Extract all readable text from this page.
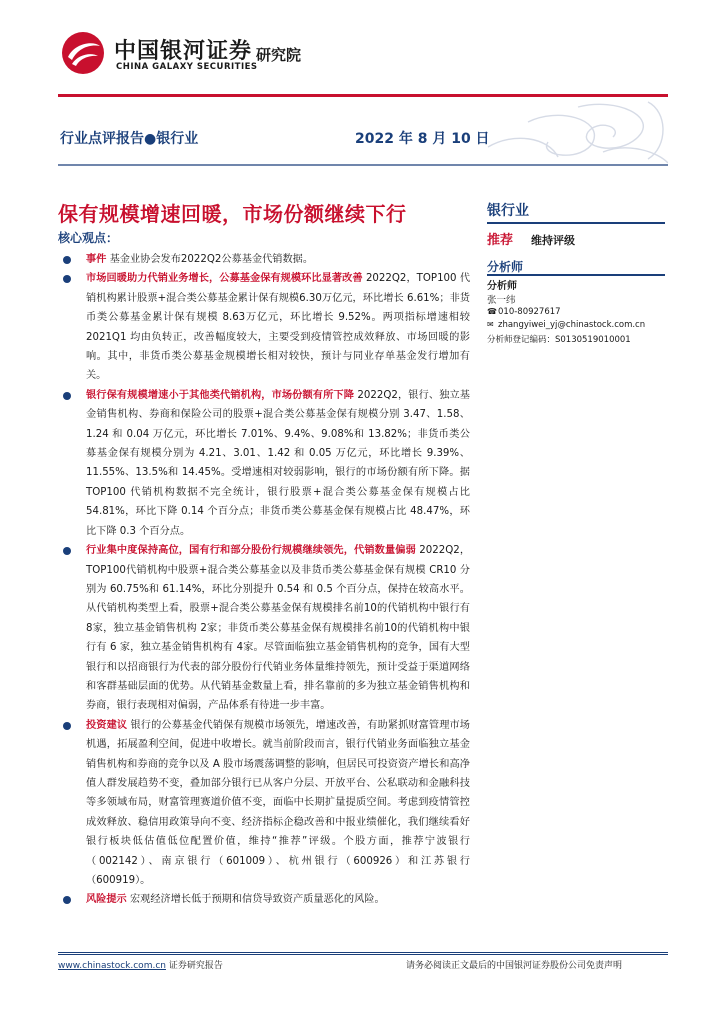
中国银河证券
CHINA GALAXY SECURITIES
研究院
行业点评报告●银行业	2022 年 8 月 10 日
保有规模增速回暖，市场份额继续下行
核心观点：
银行业
推荐 维持评级
分析师
分析师
张一纬
☎010-80927617
✉ zhangyiwei_yj@chinastock.com.cn
分析师登记编码：S0130519010001
事件 基金业协会发布2022Q2公募基金代销数据。
市场回暖助力代销业务增长，公募基金保有规模环比显著改善 2022Q2，TOP100 代销机构累计股票+混合类公募基金累计保有规模6.30万亿元，环比增长 6.61%；非货币类公募基金累计保有规模 8.63万亿元，环比增长 9.52%。两项指标增速相较 2021Q1 均由负转正，改善幅度较大，主要受到疫情管控成效释放、市场回暖的影响。其中，非货币类公募基金规模增长相对较快，预计与同业存单基金发行增加有关。
银行保有规模增速小于其他类代销机构，市场份额有所下降 2022Q2，银行、独立基金销售机构、券商和保险公司的股票+混合类公募基金保有规模分别 3.47、1.58、1.24 和 0.04 万亿元，环比增长 7.01%、9.4%、9.08%和 13.82%；非货币类公募基金保有规模分别为 4.21、3.01、1.42 和 0.05 万亿元，环比增长 9.39%、11.55%、13.5%和 14.45%。受增速相对较弱影响，银行的市场份额有所下降。据 TOP100 代销机构数据不完全统计，银行股票+混合类公募基金保有规模占比54.81%，环比下降 0.14 个百分点；非货币类公募基金保有规模占比 48.47%，环比下降 0.3 个百分点。
行业集中度保持高位，国有行和部分股份行规模继续领先，代销数量偏弱 2022Q2，TOP100代销机构中股票+混合类公募基金以及非货币类公募基金保有规模 CR10 分别为 60.75%和 61.14%，环比分别提升 0.54 和 0.5 个百分点，保持在较高水平。从代销机构类型上看，股票+混合类公募基金保有规模排名前10的代销机构中银行有8家，独立基金销售机构 2家；非货币类公募基金保有规模排名前10的代销机构中银行有 6 家，独立基金销售机构有 4家。尽管面临独立基金销售机构的竞争，国有大型银行和以招商银行为代表的部分股份行代销业务体量维持领先，预计受益于渠道网络和客群基础层面的优势。从代销基金数量上看，排名靠前的多为独立基金销售机构和券商，银行表现相对偏弱，产品体系有待进一步丰富。
投资建议 银行的公募基金代销保有规模市场领先，增速改善，有助紧抓财富管理市场机遇，拓展盈利空间，促进中收增长。就当前阶段而言，银行代销业务面临独立基金销售机构和券商的竞争以及 A 股市场震荡调整的影响，但居民可投资资产增长和高净值人群发展趋势不变，叠加部分银行已从客户分层、开放平台、公私联动和金融科技等多领域布局，财富管理赛道价值不变，面临中长期扩量提质空间。考虑到疫情管控成效释放、稳信用政策导向不变、经济指标企稳改善和中报业绩催化，我们继续看好银行板块低估值低位配置价值，维持“推荐”评级。个股方面，推荐宁波银行（002142）、南京银行（601009）、杭州银行（600926）和江苏银行（600919）。
风险提示 宏观经济增长低于预期和信贷导致资产质量恶化的风险。
www.chinastock.com.cn 证券研究报告	请务必阅读正文最后的中国银河证券股份公司免责声明
